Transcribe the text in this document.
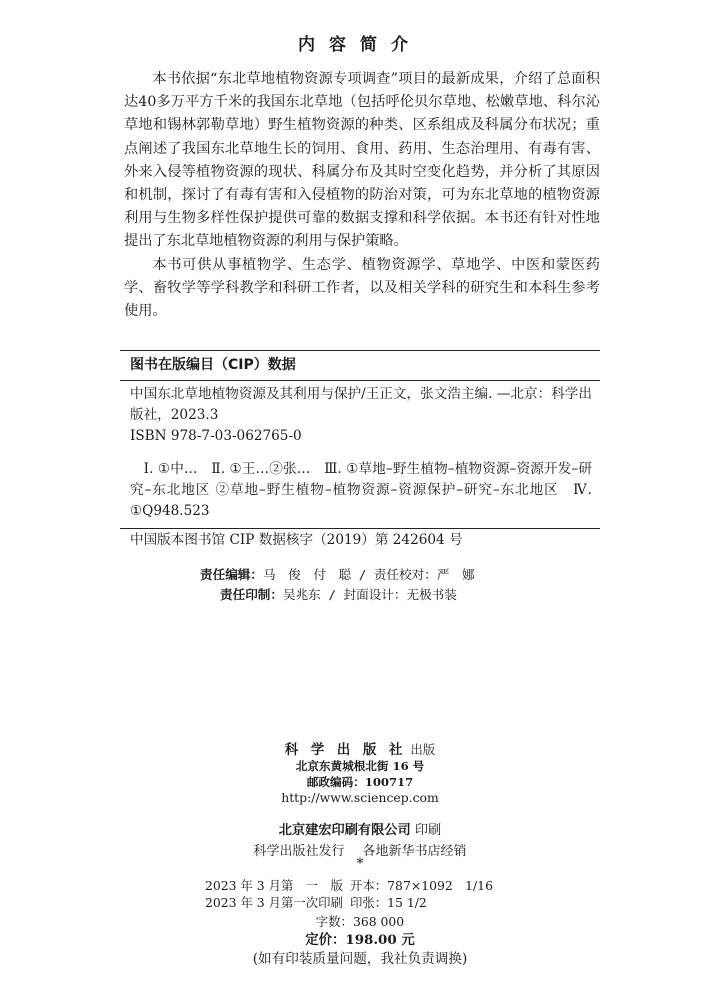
内容简介

本书依据“东北草地植物资源专项调查”项目的最新成果，介绍了总面积达40多万平方千米的我国东北草地（包括呼伦贝尔草地、松嫩草地、科尔沁草地和锡林郭勒草地）野生植物资源的种类、区系组成及科属分布状况；重点阐述了我国东北草地生长的饲用、食用、药用、生态治理用、有毒有害、外来入侵等植物资源的现状、科属分布及其时空变化趋势，并分析了其原因和机制，探讨了有毒有害和入侵植物的防治对策，可为东北草地的植物资源利用与生物多样性保护提供可靠的数据支撑和科学依据。本书还有针对性地提出了东北草地植物资源的利用与保护策略。

本书可供从事植物学、生态学、植物资源学、草地学、中医和蒙医药学、畜牧学等学科教学和科研工作者，以及相关学科的研究生和本科生参考使用。

图书在版编目（CIP）数据
中国东北草地植物资源及其利用与保护/王正文，张文浩主编. —北京：科学出版社，2023.3
ISBN 978-7-03-062765-0
Ⅰ. ①中…　Ⅱ. ①王…②张…　Ⅲ. ①草地–野生植物–植物资源–资源开发–研究–东北地区 ②草地–野生植物–植物资源–资源保护–研究–东北地区　Ⅳ. ①Q948.523
中国版本图书馆 CIP 数据核字（2019）第 242604 号
责任编辑：马　俊　付　聪 / 责任校对：严　娜
责任印制：吴兆东 / 封面设计：无极书装
科 学 出 版 社 出版
北京东黄城根北街 16 号
邮政编码：100717
http://www.sciencep.com
北京建宏印刷有限公司 印刷
科学出版社发行 各地新华书店经销
*
2023 年 3 月第　一　版 开本：787×1092　1/16
2023 年 3 月第一次印刷 印张：15 1/2
字数：368 000
定价：198.00 元
(如有印装质量问题，我社负责调换)
